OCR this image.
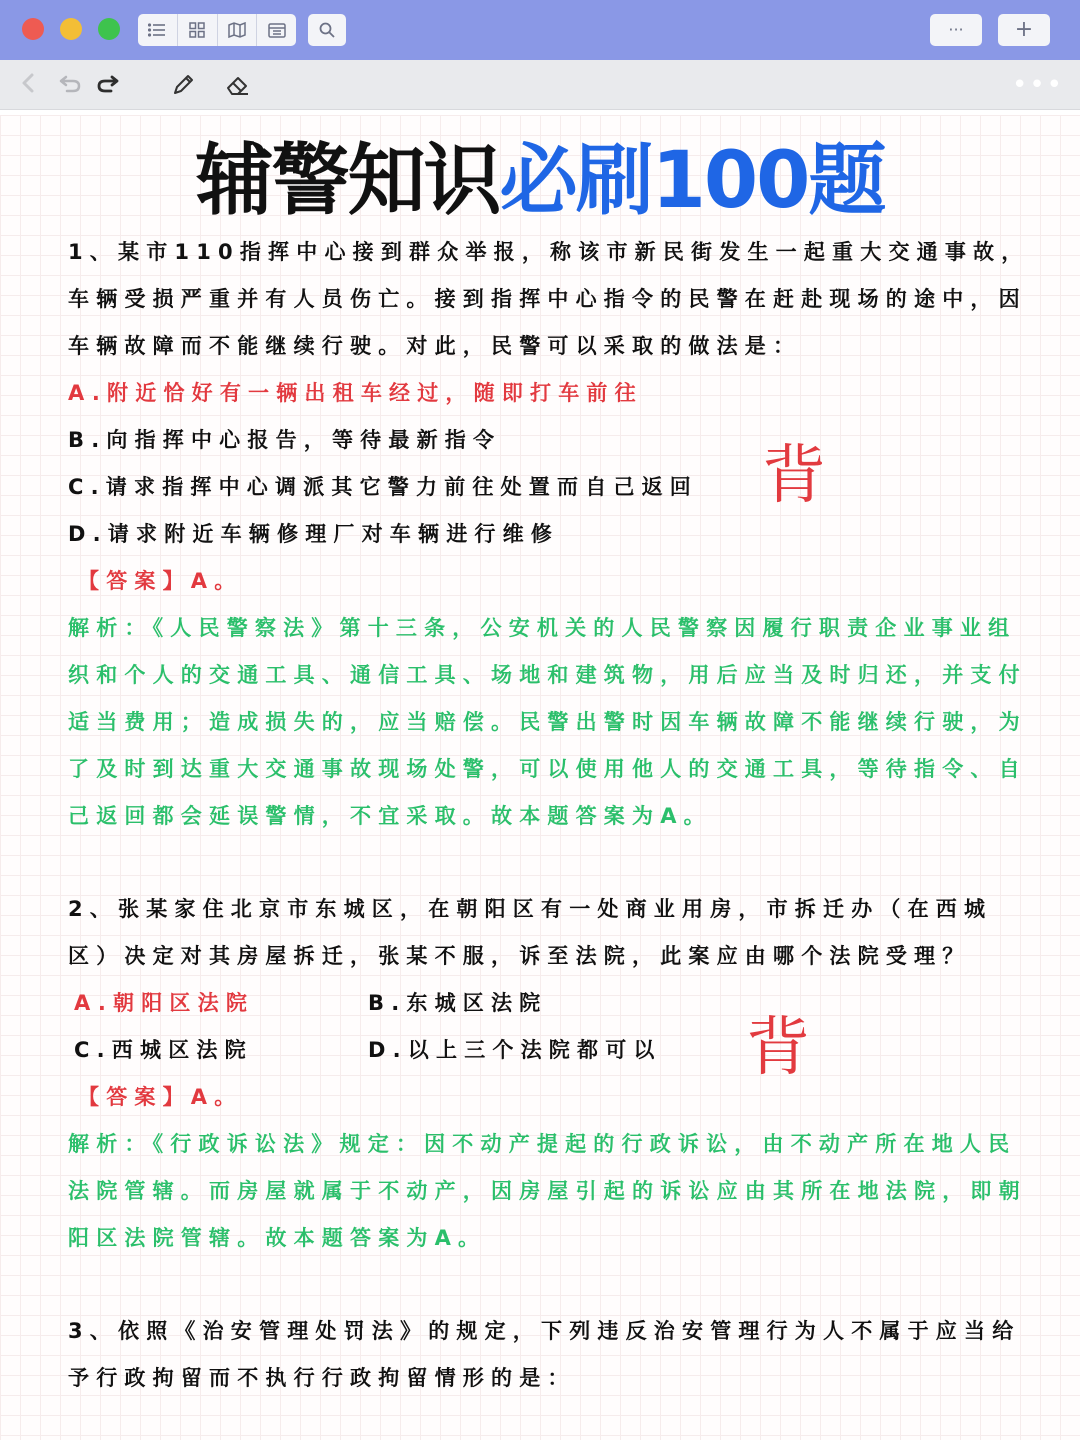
··· +
•••
辅警知识必刷100题
1、某市110指挥中心接到群众举报，称该市新民街发生一起重大交通事故，
车辆受损严重并有人员伤亡。接到指挥中心指令的民警在赶赴现场的途中，因
车辆故障而不能继续行驶。对此，民警可以采取的做法是：
A.附近恰好有一辆出租车经过，随即打车前往
B.向指挥中心报告，等待最新指令
C.请求指挥中心调派其它警力前往处置而自己返回
D.请求附近车辆修理厂对车辆进行维修
【答案】A。
解析：《人民警察法》第十三条，公安机关的人民警察因履行职责企业事业组
织和个人的交通工具、通信工具、场地和建筑物，用后应当及时归还，并支付
适当费用；造成损失的，应当赔偿。民警出警时因车辆故障不能继续行驶，为
了及时到达重大交通事故现场处警，可以使用他人的交通工具，等待指令、自
己返回都会延误警情，不宜采取。故本题答案为A。
背
2、张某家住北京市东城区，在朝阳区有一处商业用房，市拆迁办（在西城
区）决定对其房屋拆迁，张某不服，诉至法院，此案应由哪个法院受理？
A.朝阳区法院	B.东城区法院
C.西城区法院	D.以上三个法院都可以
【答案】A。
解析：《行政诉讼法》规定：因不动产提起的行政诉讼，由不动产所在地人民
法院管辖。而房屋就属于不动产，因房屋引起的诉讼应由其所在地法院，即朝
阳区法院管辖。故本题答案为A。
背
3、依照《治安管理处罚法》的规定，下列违反治安管理行为人不属于应当给
予行政拘留而不执行行政拘留情形的是：
